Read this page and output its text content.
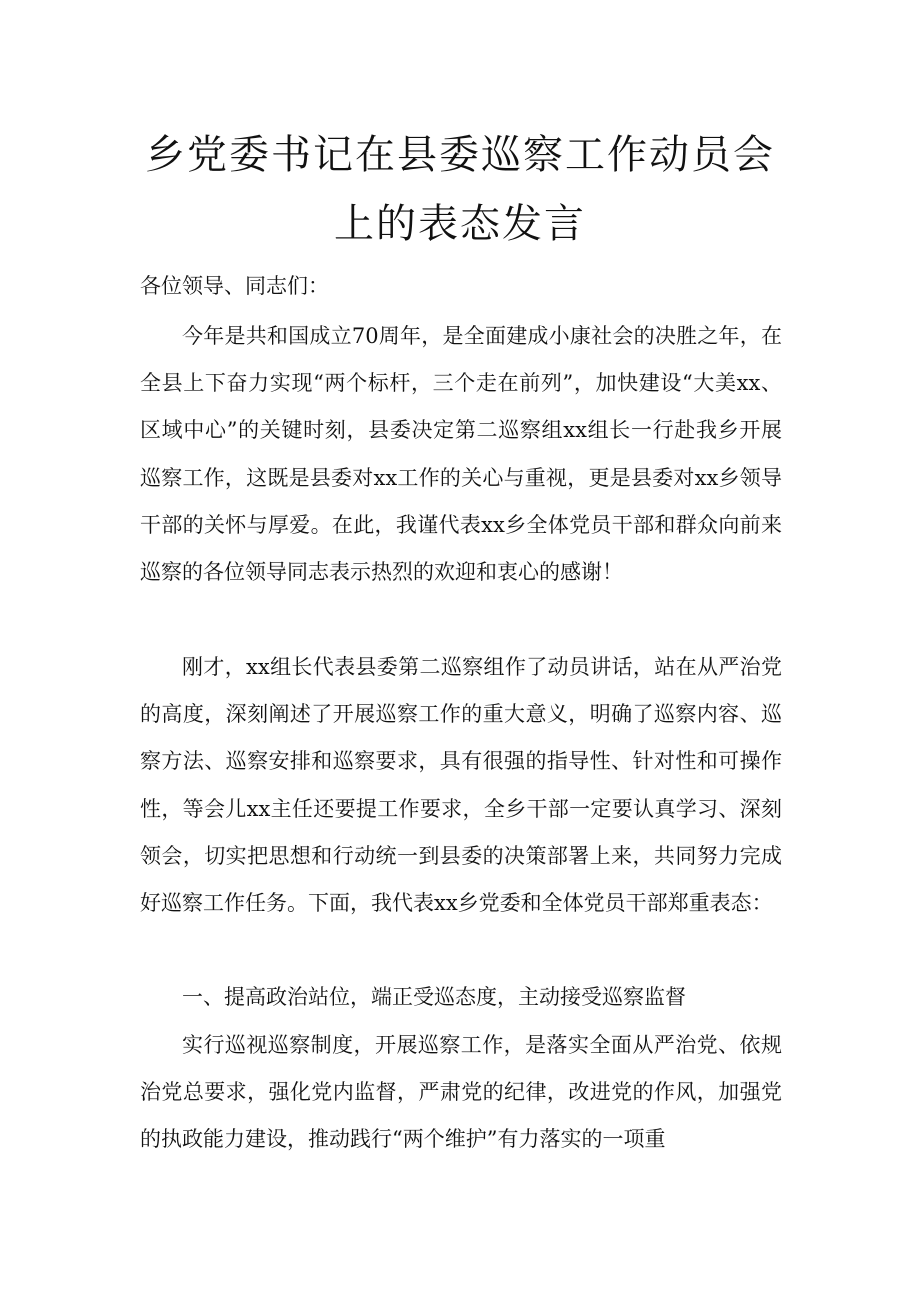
乡党委书记在县委巡察工作动员会
上的表态发言

各位领导、同志们：

今年是共和国成立70周年，是全面建成小康社会的决胜之年，在全县上下奋力实现“两个标杆，三个走在前列”，加快建设“大美xx、区域中心”的关键时刻，县委决定第二巡察组xx组长一行赴我乡开展巡察工作，这既是县委对xx工作的关心与重视，更是县委对xx乡领导干部的关怀与厚爱。在此，我谨代表xx乡全体党员干部和群众向前来巡察的各位领导同志表示热烈的欢迎和衷心的感谢！

刚才，xx组长代表县委第二巡察组作了动员讲话，站在从严治党的高度，深刻阐述了开展巡察工作的重大意义，明确了巡察内容、巡察方法、巡察安排和巡察要求，具有很强的指导性、针对性和可操作性，等会儿xx主任还要提工作要求，全乡干部一定要认真学习、深刻领会，切实把思想和行动统一到县委的决策部署上来，共同努力完成好巡察工作任务。下面，我代表xx乡党委和全体党员干部郑重表态：

一、提高政治站位，端正受巡态度，主动接受巡察监督

实行巡视巡察制度，开展巡察工作，是落实全面从严治党、依规治党总要求，强化党内监督，严肃党的纪律，改进党的作风，加强党的执政能力建设，推动践行“两个维护”有力落实的一项重
